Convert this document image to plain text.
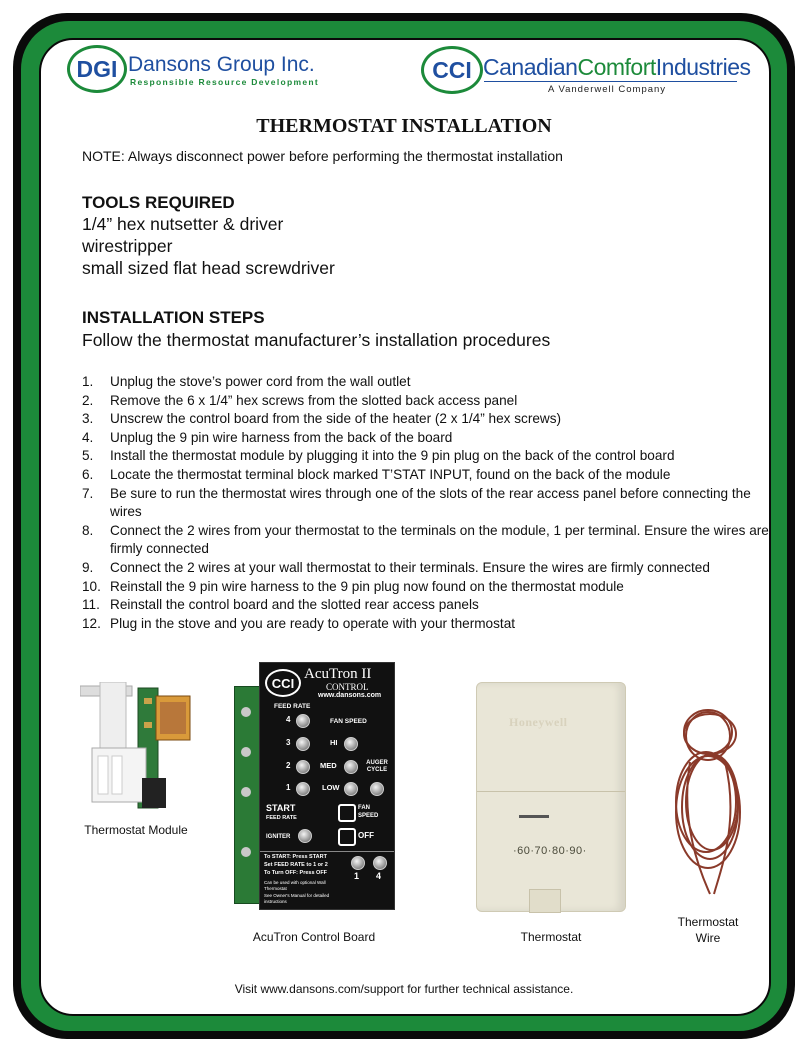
DGI Dansons Group Inc.
Responsible Resource Development	CCI CanadianComfortIndustries
A Vanderwell Company
THERMOSTAT INSTALLATION
NOTE: Always disconnect power before performing the thermostat installation
TOOLS REQUIRED
1/4” hex nutsetter & driver
wirestripper
small sized flat head screwdriver
INSTALLATION STEPS
Follow the thermostat manufacturer’s installation procedures
1.	Unplug the stove’s power cord from the wall outlet
2.	Remove the 6 x 1/4” hex screws from the slotted back access panel
3.	Unscrew the control board from the side of the heater (2 x 1/4” hex screws)
4.	Unplug the 9 pin wire harness from the back of the board
5.	Install the thermostat module by plugging it into the 9 pin plug on the back of the control board
6.	Locate the thermostat terminal block marked T’STAT INPUT, found on the back of the module
7.	Be sure to run the thermostat wires through one of the slots of the rear access panel before connecting the wires
8.	Connect the 2 wires from your thermostat to the terminals on the module, 1 per terminal. Ensure the wires are firmly connected
9.	Connect the 2 wires at your wall thermostat to their terminals. Ensure the wires are firmly connected
10. Reinstall the 9 pin wire harness to the 9 pin plug now found on the thermostat module
11. Reinstall the control board and the slotted rear access panels
12. Plug in the stove and you are ready to operate with your thermostat
Thermostat Module
CCI
AcuTron II
CONTROL
www.dansons.com
FEED RATE
FAN SPEED
4
3
2
1
HI
MED
LOW
AUGER CYCLE
START
FEED RATE
FAN SPEED
IGNITER	OFF
To START: Press START
Set FEED RATE to 1 or 2
To Turn OFF: Press OFF
Can be used with optional Wall Thermostat
See Owner's Manual for detailed instructions
1 4
AcuTron Control Board
Honeywell
·60·70·80·90·
Thermostat
Thermostat
Wire
Visit www.dansons.com/support for further technical assistance.
